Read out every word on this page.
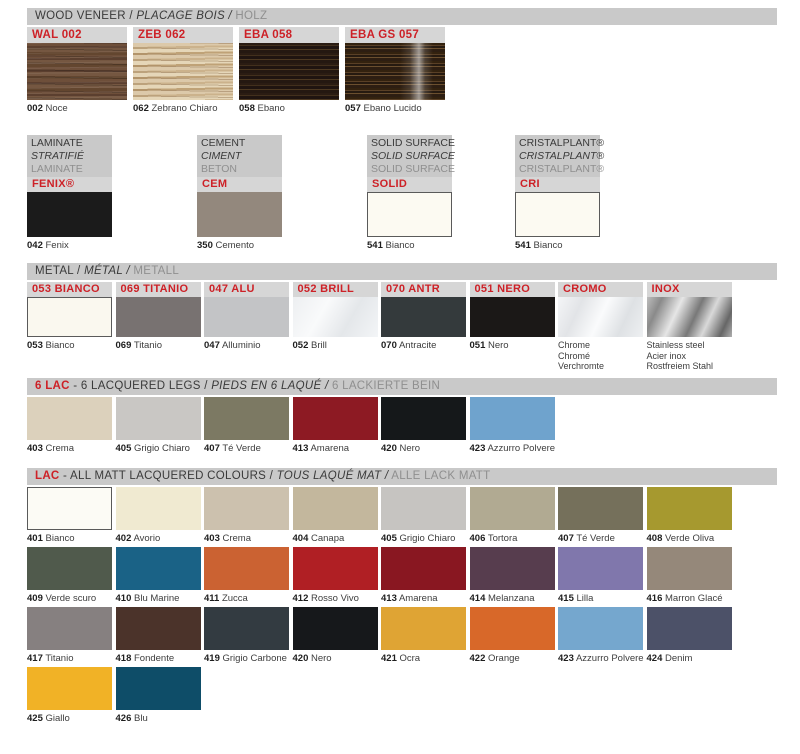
WOOD VENEER / PLACAGE BOIS / HOLZ
WAL 002
002 Noce
ZEB 062
062 Zebrano Chiaro
EBA 058
058 Ebano
EBA GS 057
057 Ebano Lucido
LAMINATE
STRATIFIÉ
LAMINATE
FENIX®
042 Fenix
CEMENT
CIMENT
BETON
CEM
350 Cemento
SOLID SURFACE
SOLID SURFACE
SOLID SURFACE
SOLID
541 Bianco
CRISTALPLANT®
CRISTALPLANT®
CRISTALPLANT®
CRI
541 Bianco
METAL / MÉTAL / METALL
053 BIANCO
053 Bianco
069 TITANIO
069 Titanio
047 ALU
047 Alluminio
052 BRILL
052 Brill
070 ANTR
070 Antracite
051 NERO
051 Nero
CROMO
Chrome
Chromé
Verchromte
INOX
Stainless steel
Acier inox
Rostfreiem Stahl
6 LAC - 6 LACQUERED LEGS / PIEDS EN 6 LAQUÉ / 6 LACKIERTE BEIN
403 Crema	405 Grigio Chiaro	407 Té Verde	413 Amarena	420 Nero	423 Azzurro Polvere
LAC - ALL MATT LACQUERED COLOURS / TOUS LAQUÉ MAT / ALLE LACK MATT
401 Bianco	402 Avorio	403 Crema	404 Canapa	405 Grigio Chiaro	406 Tortora	407 Té Verde	408 Verde Oliva
409 Verde scuro	410 Blu Marine	411 Zucca	412 Rosso Vivo	413 Amarena	414 Melanzana	415 Lilla	416 Marron Glacé
417 Titanio	418 Fondente	419 Grigio Carbone 420 Nero	421 Ocra	422 Orange	423 Azzurro Polvere 424 Denim
425 Giallo	426 Blu
